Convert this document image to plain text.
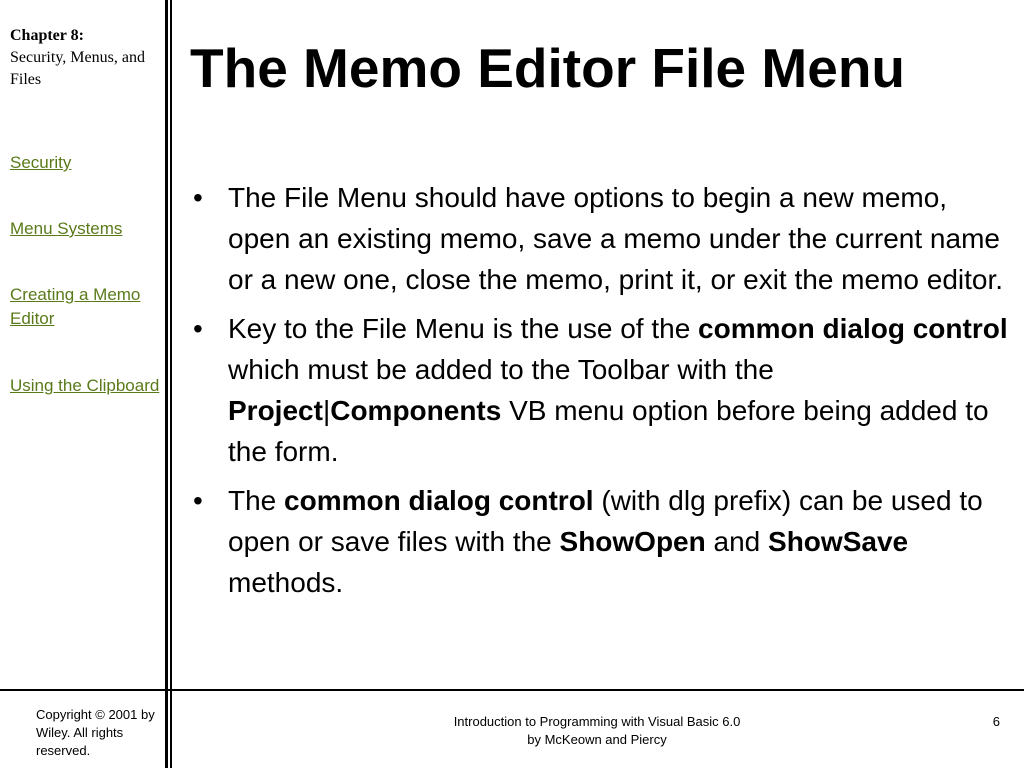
Chapter 8:
Security, Menus, and Files
Security
Menu Systems
Creating a Memo Editor
Using the Clipboard
The Memo Editor File Menu
• The File Menu should have options to begin a new memo, open an existing memo, save a memo under the current name or a new one, close the memo, print it, or exit the memo editor.
• Key to the File Menu is the use of the common dialog control which must be added to the Toolbar with the Project|Components VB menu option before being added to the form.
• The common dialog control (with dlg prefix) can be used to open or save files with the ShowOpen and ShowSave methods.
Copyright © 2001 by Wiley. All rights reserved.
Introduction to Programming with Visual Basic 6.0 by McKeown and Piercy
6
